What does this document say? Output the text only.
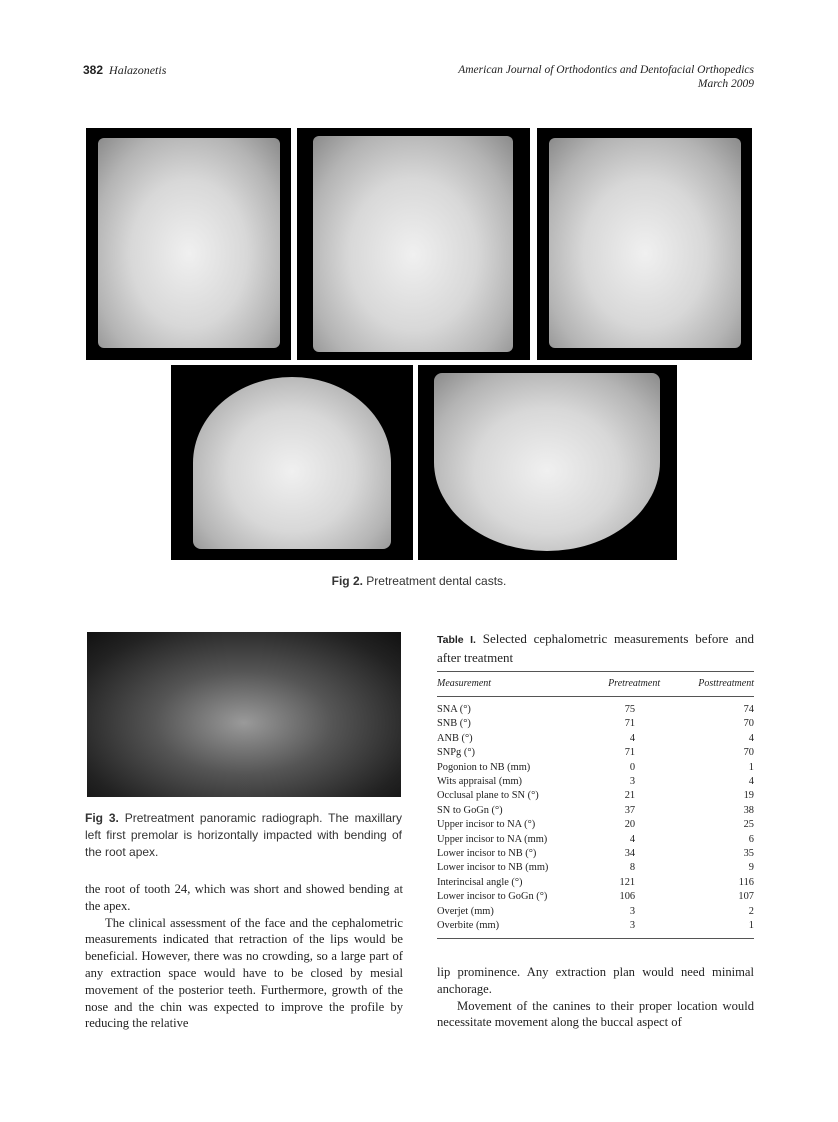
382 Halazonetis	American Journal of Orthodontics and Dentofacial Orthopedics
March 2009
Fig 2. Pretreatment dental casts.
Fig 3. Pretreatment panoramic radiograph. The maxillary left first premolar is horizontally impacted with bending of the root apex.

the root of tooth 24, which was short and showed bending at the apex.

The clinical assessment of the face and the cephalometric measurements indicated that retraction of the lips would be beneficial. However, there was no crowding, so a large part of any extraction space would have to be closed by mesial movement of the posterior teeth. Furthermore, growth of the nose and the chin was expected to improve the profile by reducing the relative

Table I. Selected cephalometric measurements before and after treatment
Measurement	Pretreatment	Posttreatment
SNA (°)	75	74
SNB (°)	71	70
ANB (°)	4	4
SNPg (°)	71	70
Pogonion to NB (mm)	0	1
Wits appraisal (mm)	3	4
Occlusal plane to SN (°)	21	19
SN to GoGn (°)	37	38
Upper incisor to NA (°)	20	25
Upper incisor to NA (mm)	4	6
Lower incisor to NB (°)	34	35
Lower incisor to NB (mm)	8	9
Interincisal angle (°)	121	116
Lower incisor to GoGn (°)	106	107
Overjet (mm)	3	2
Overbite (mm)	3	1

lip prominence. Any extraction plan would need minimal anchorage.

Movement of the canines to their proper location would necessitate movement along the buccal aspect of
